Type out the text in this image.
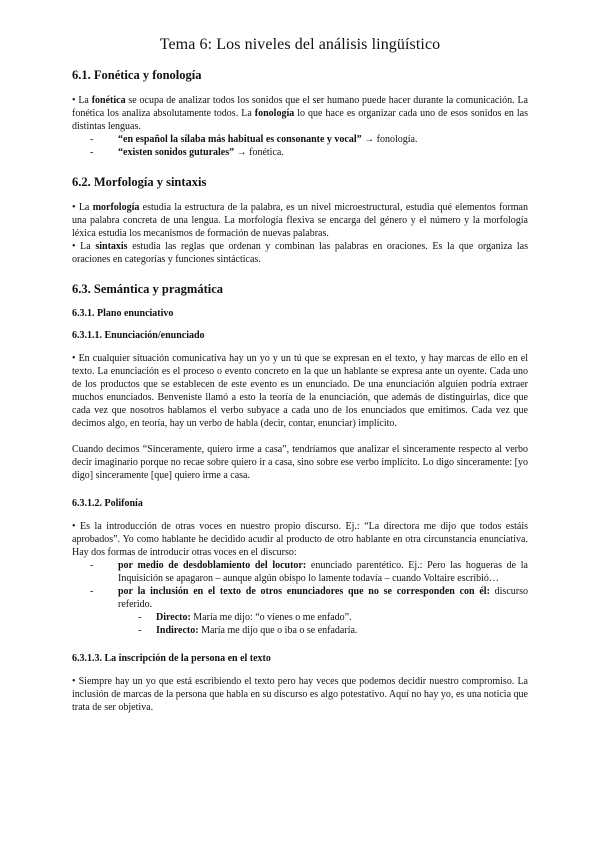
Tema 6: Los niveles del análisis lingüístico
6.1. Fonética y fonología

• La fonética se ocupa de analizar todos los sonidos que el ser humano puede hacer durante la comunicación. La fonética los analiza absolutamente todos. La fonología lo que hace es organizar cada uno de esos sonidos en las distintas lenguas.

- “en español la sílaba más habitual es consonante y vocal” → fonología.
- “existen sonidos guturales” → fonética.
6.2. Morfología y sintaxis

• La morfología estudia la estructura de la palabra, es un nivel microestructural, estudia qué elementos forman una palabra concreta de una lengua. La morfología flexiva se encarga del género y el número y la morfología léxica estudia los mecanismos de formación de nuevas palabras.

• La sintaxis estudia las reglas que ordenan y combinan las palabras en oraciones. Es la que organiza las oraciones en categorías y funciones sintácticas.

6.3. Semántica y pragmática
6.3.1. Plano enunciativo
6.3.1.1. Enunciación/enunciado

• En cualquier situación comunicativa hay un yo y un tú que se expresan en el texto, y hay marcas de ello en el texto. La enunciación es el proceso o evento concreto en la que un hablante se expresa ante un oyente. Cada uno de los productos que se establecen de este evento es un enunciado. De una enunciación alguien podría extraer muchos enunciados. Benveniste llamó a esto la teoría de la enunciación, que además de distinguirlas, dice que cada vez que nosotros hablamos el verbo subyace a cada uno de los enunciados que emitimos. Cada vez que decimos algo, en teoría, hay un verbo de habla (decir, contar, enunciar) implícito.

Cuando decimos “Sinceramente, quiero irme a casa”, tendríamos que analizar el sinceramente respecto al verbo decir imaginario porque no recae sobre quiero ir a casa, sino sobre ese verbo implícito. Lo digo sinceramente: [yo digo] sinceramente [que] quiero irme a casa.

6.3.1.2. Polifonía

• Es la introducción de otras voces en nuestro propio discurso. Ej.: “La directora me dijo que todos estáis aprobados”. Yo como hablante he decidido acudir al producto de otro hablante en otra circunstancia enunciativa. Hay dos formas de introducir otras voces en el discurso:

- por medio de desdoblamiento del locutor: enunciado parentético. Ej.: Pero las hogueras de la Inquisición se apagaron – aunque algún obispo lo lamente todavía – cuando Voltaire escribió…
- por la inclusión en el texto de otros enunciadores que no se corresponden con él: discurso referido.
- Directo: María me dijo: “o vienes o me enfado”.
- Indirecto: María me dijo que o iba o se enfadaría.
6.3.1.3. La inscripción de la persona en el texto

• Siempre hay un yo que está escribiendo el texto pero hay veces que podemos decidir nuestro compromiso. La inclusión de marcas de la persona que habla en su discurso es algo potestativo. Aquí no hay yo, es una noticia que trata de ser objetiva.
